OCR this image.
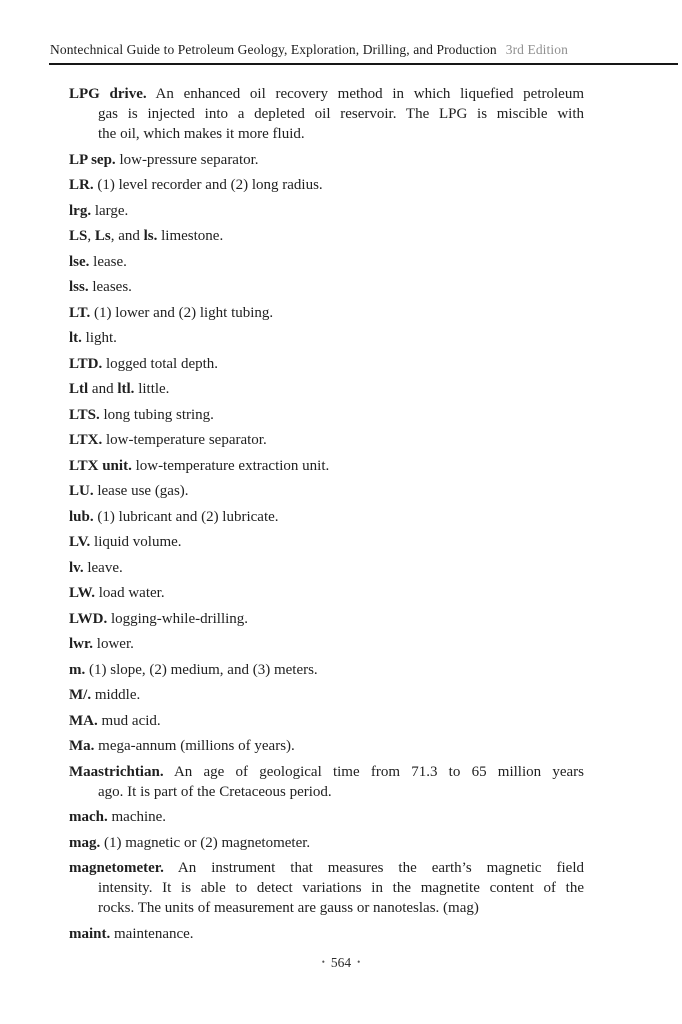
Nontechnical Guide to Petroleum Geology, Exploration, Drilling, and Production 3rd Edition
LPG drive. An enhanced oil recovery method in which liquefied petroleum
gas is injected into a depleted oil reservoir. The LPG is miscible with
the oil, which makes it more fluid.
LP sep. low-pressure separator.
LR. (1) level recorder and (2) long radius.
lrg. large.
LS, Ls, and ls. limestone.
lse. lease.
lss. leases.
LT. (1) lower and (2) light tubing.
lt. light.
LTD. logged total depth.
Ltl and ltl. little.
LTS. long tubing string.
LTX. low-temperature separator.
LTX unit. low-temperature extraction unit.
LU. lease use (gas).
lub. (1) lubricant and (2) lubricate.
LV. liquid volume.
lv. leave.
LW. load water.
LWD. logging-while-drilling.
lwr. lower.
m. (1) slope, (2) medium, and (3) meters.
M/. middle.
MA. mud acid.
Ma. mega-annum (millions of years).
Maastrichtian. An age of geological time from 71.3 to 65 million years
ago. It is part of the Cretaceous period.
mach. machine.
mag. (1) magnetic or (2) magnetometer.
magnetometer. An instrument that measures the earth’s magnetic field
intensity. It is able to detect variations in the magnetite content of the
rocks. The units of measurement are gauss or nanoteslas. (mag)
maint. maintenance.
• 564 •
